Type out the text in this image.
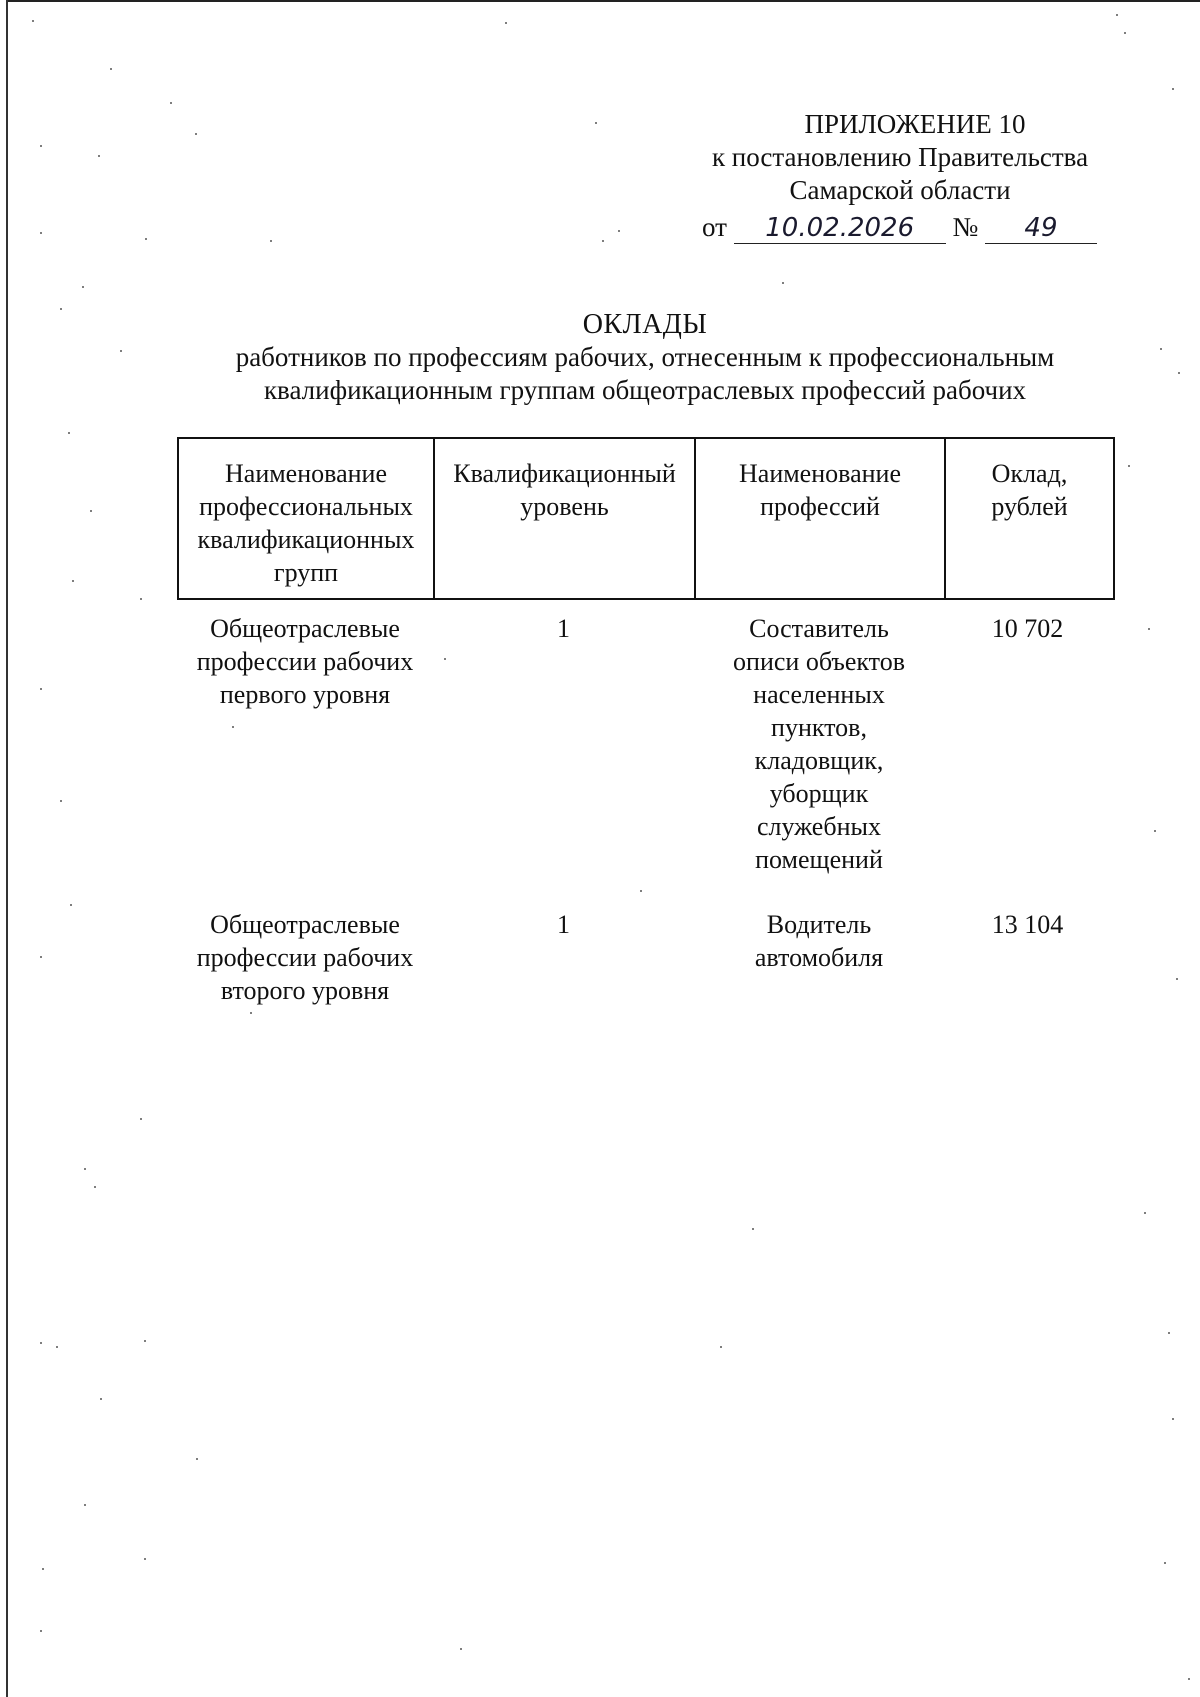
ПРИЛОЖЕНИЕ 10
к постановлению Правительства
Самарской области
от 10.02.2026 № 49
ОКЛАДЫ
работников по профессиям рабочих, отнесенным к профессиональным
квалификационным группам общеотраслевых профессий рабочих
Наименование
профессиональных
квалификационных
групп
Квалификационный
уровень
Наименование
профессий
Оклад,
рублей
Общеотраслевые
профессии рабочих
первого уровня
1	Составитель
описи объектов
населенных
пунктов,
кладовщик,
уборщик
служебных
помещений
10 702
Общеотраслевые
профессии рабочих
второго уровня
1	Водитель
автомобиля
13 104
